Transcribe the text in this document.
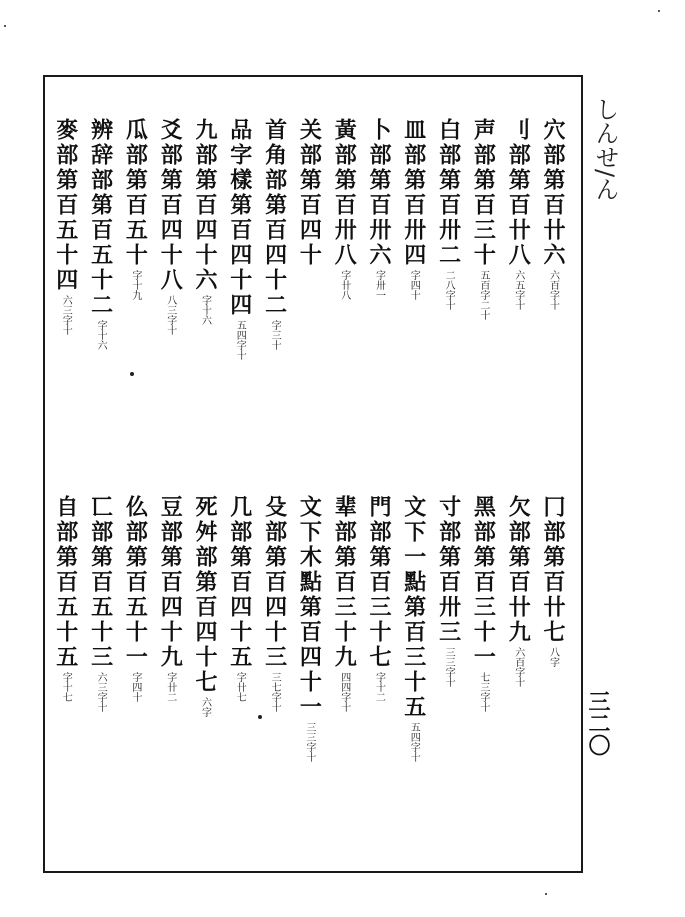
しんせ/ん
三二〇
穴部第百卄六
六百字十
刂部第百卄八
六五字十
声部第百三十
五百字二十
白部第百卅二
二八字十
皿部第百卅四
字四十
卜部第百卅六
字卅一
黃部第百卅八
字卄八
关部第百四十
首角部第百四十二
字三十
品字樣第百四十四
五四字十
九部第百四十六
字十六
爻部第百四十八
八三字十
瓜部第百五十
字十九
辨辞部第百五十二
字十六
麥部第百五十四
六三字十
冂部第百卄七
八字
欠部第百卄九
六百字十
黑部第百三十一
七三字十
寸部第百卅三
三三字十
文下一點第百三十五
五四字十
門部第百三十七
字十二
辈部第百三十九
四四字十
文下木點第百四十一
三三字十
殳部第百四十三
三七字十
几部第百四十五
字卄七
死舛部第百四十七
六字
豆部第百四十九
字卄二
仫部第百五十一
字四十
匸部第百五十三
六三字十
自部第百五十五
字十七
